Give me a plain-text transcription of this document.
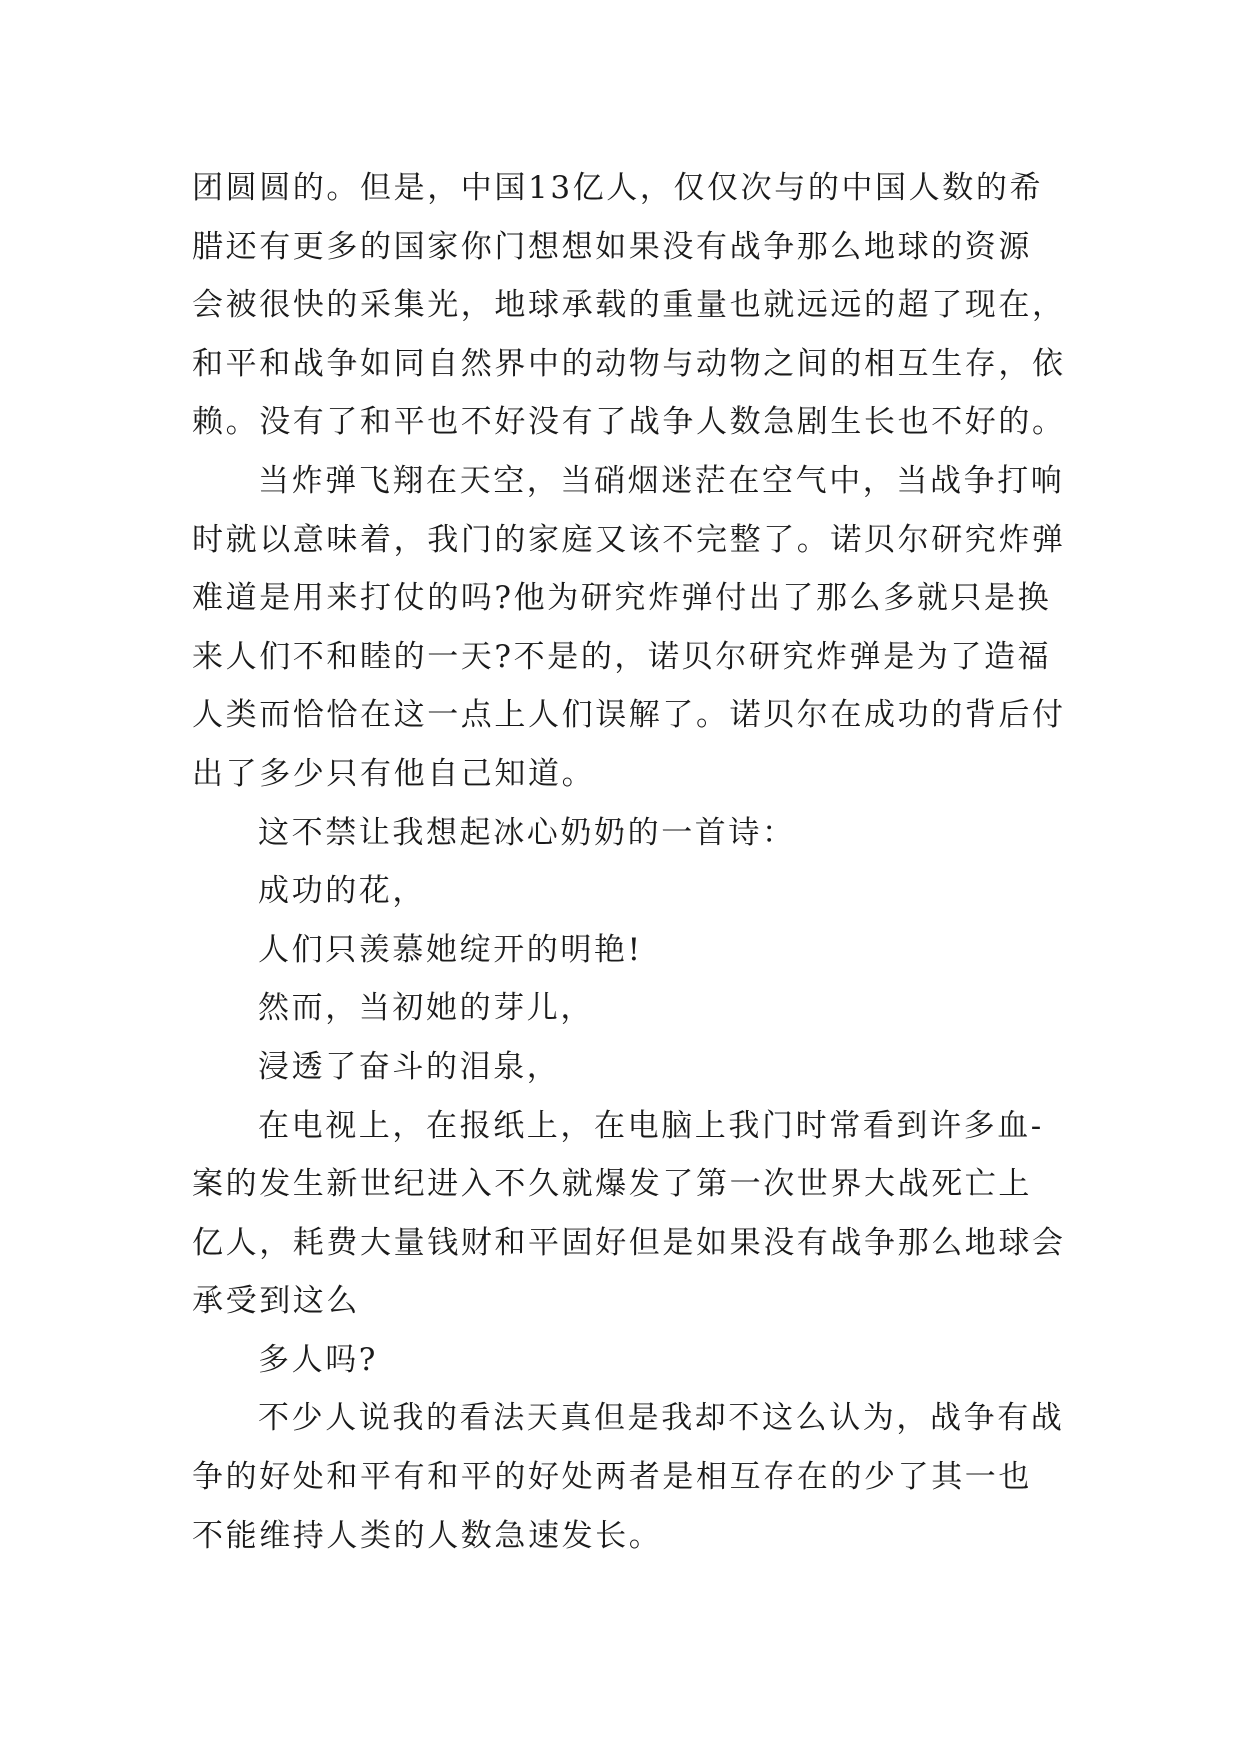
团圆圆的。但是，中国13亿人，仅仅次与的中国人数的希
腊还有更多的国家你门想想如果没有战争那么地球的资源
会被很快的采集光，地球承载的重量也就远远的超了现在，
和平和战争如同自然界中的动物与动物之间的相互生存，依
赖。没有了和平也不好没有了战争人数急剧生长也不好的。
当炸弹飞翔在天空，当硝烟迷茫在空气中，当战争打响
时就以意味着，我门的家庭又该不完整了。诺贝尔研究炸弹
难道是用来打仗的吗?他为研究炸弹付出了那么多就只是换
来人们不和睦的一天?不是的，诺贝尔研究炸弹是为了造福
人类而恰恰在这一点上人们误解了。诺贝尔在成功的背后付
出了多少只有他自己知道。
这不禁让我想起冰心奶奶的一首诗：
成功的花，
人们只羡慕她绽开的明艳!
然而，当初她的芽儿，
浸透了奋斗的泪泉，
在电视上，在报纸上，在电脑上我门时常看到许多血-
案的发生新世纪进入不久就爆发了第一次世界大战死亡上
亿人，耗费大量钱财和平固好但是如果没有战争那么地球会
承受到这么
多人吗?
不少人说我的看法天真但是我却不这么认为，战争有战
争的好处和平有和平的好处两者是相互存在的少了其一也
不能维持人类的人数急速发长。
